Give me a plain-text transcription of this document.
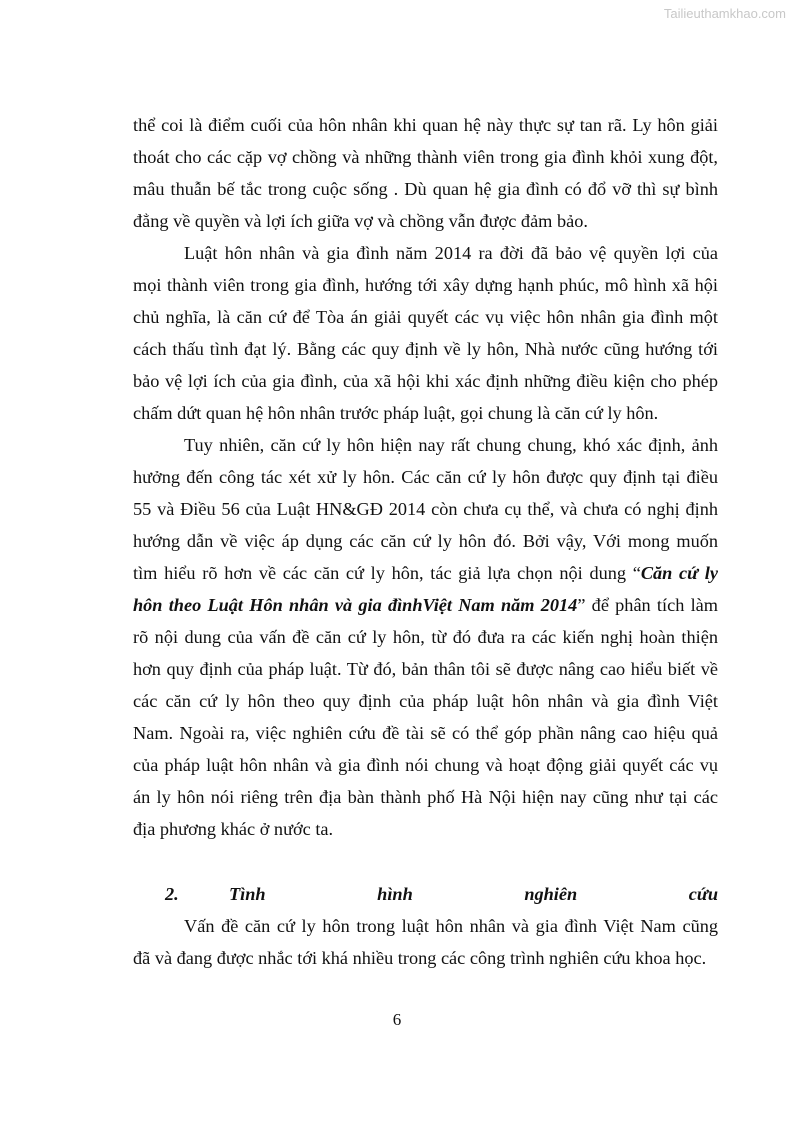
Tailieuthamkhao.com
thể coi là điểm cuối của hôn nhân khi quan hệ này thực sự tan rã. Ly hôn giải
thoát cho các cặp vợ chồng và những thành viên trong gia đình khỏi xung đột,
mâu thuẫn bế tắc trong cuộc sống . Dù quan hệ gia đình có đổ vỡ thì sự bình
đẳng về quyền và lợi ích giữa vợ và chồng vẫn được đảm bảo.
Luật hôn nhân và gia đình năm 2014 ra đời đã bảo vệ quyền lợi của
mọi thành viên trong gia đình, hướng tới xây dựng hạnh phúc, mô hình xã hội
chủ nghĩa, là căn cứ để Tòa án giải quyết các vụ việc hôn nhân gia đình một
cách thấu tình đạt lý. Bằng các quy định về ly hôn, Nhà nước cũng hướng tới
bảo vệ lợi ích của gia đình, của xã hội khi xác định những điều kiện cho phép
chấm dứt quan hệ hôn nhân trước pháp luật, gọi chung là căn cứ ly hôn.
Tuy nhiên, căn cứ ly hôn hiện nay rất chung chung, khó xác định, ảnh
hưởng đến công tác xét xử ly hôn. Các căn cứ ly hôn được quy định tại điều
55 và Điều 56 của Luật HN&GĐ 2014 còn chưa cụ thể, và chưa có nghị định
hướng dẫn về việc áp dụng các căn cứ ly hôn đó. Bởi vậy, Với mong muốn
tìm hiểu rõ hơn về các căn cứ ly hôn, tác giả lựa chọn nội dung “Căn cứ ly
hôn theo Luật Hôn nhân và gia đìnhViệt Nam năm 2014” để phân tích làm
rõ nội dung của vấn đề căn cứ ly hôn, từ đó đưa ra các kiến nghị hoàn thiện
hơn quy định của pháp luật. Từ đó, bản thân tôi sẽ được nâng cao hiểu biết về
các căn cứ ly hôn theo quy định của pháp luật hôn nhân và gia đình Việt
Nam. Ngoài ra, việc nghiên cứu đề tài sẽ có thể góp phần nâng cao hiệu quả
của pháp luật hôn nhân và gia đình nói chung và hoạt động giải quyết các vụ
án ly hôn nói riêng trên địa bàn thành phố Hà Nội hiện nay cũng như tại các
địa phương khác ở nước ta.
2.	Tình hình nghiên cứu
Vấn đề căn cứ ly hôn trong luật hôn nhân và gia đình Việt Nam cũng
đã và đang được nhắc tới khá nhiều trong các công trình nghiên cứu khoa học.
6
